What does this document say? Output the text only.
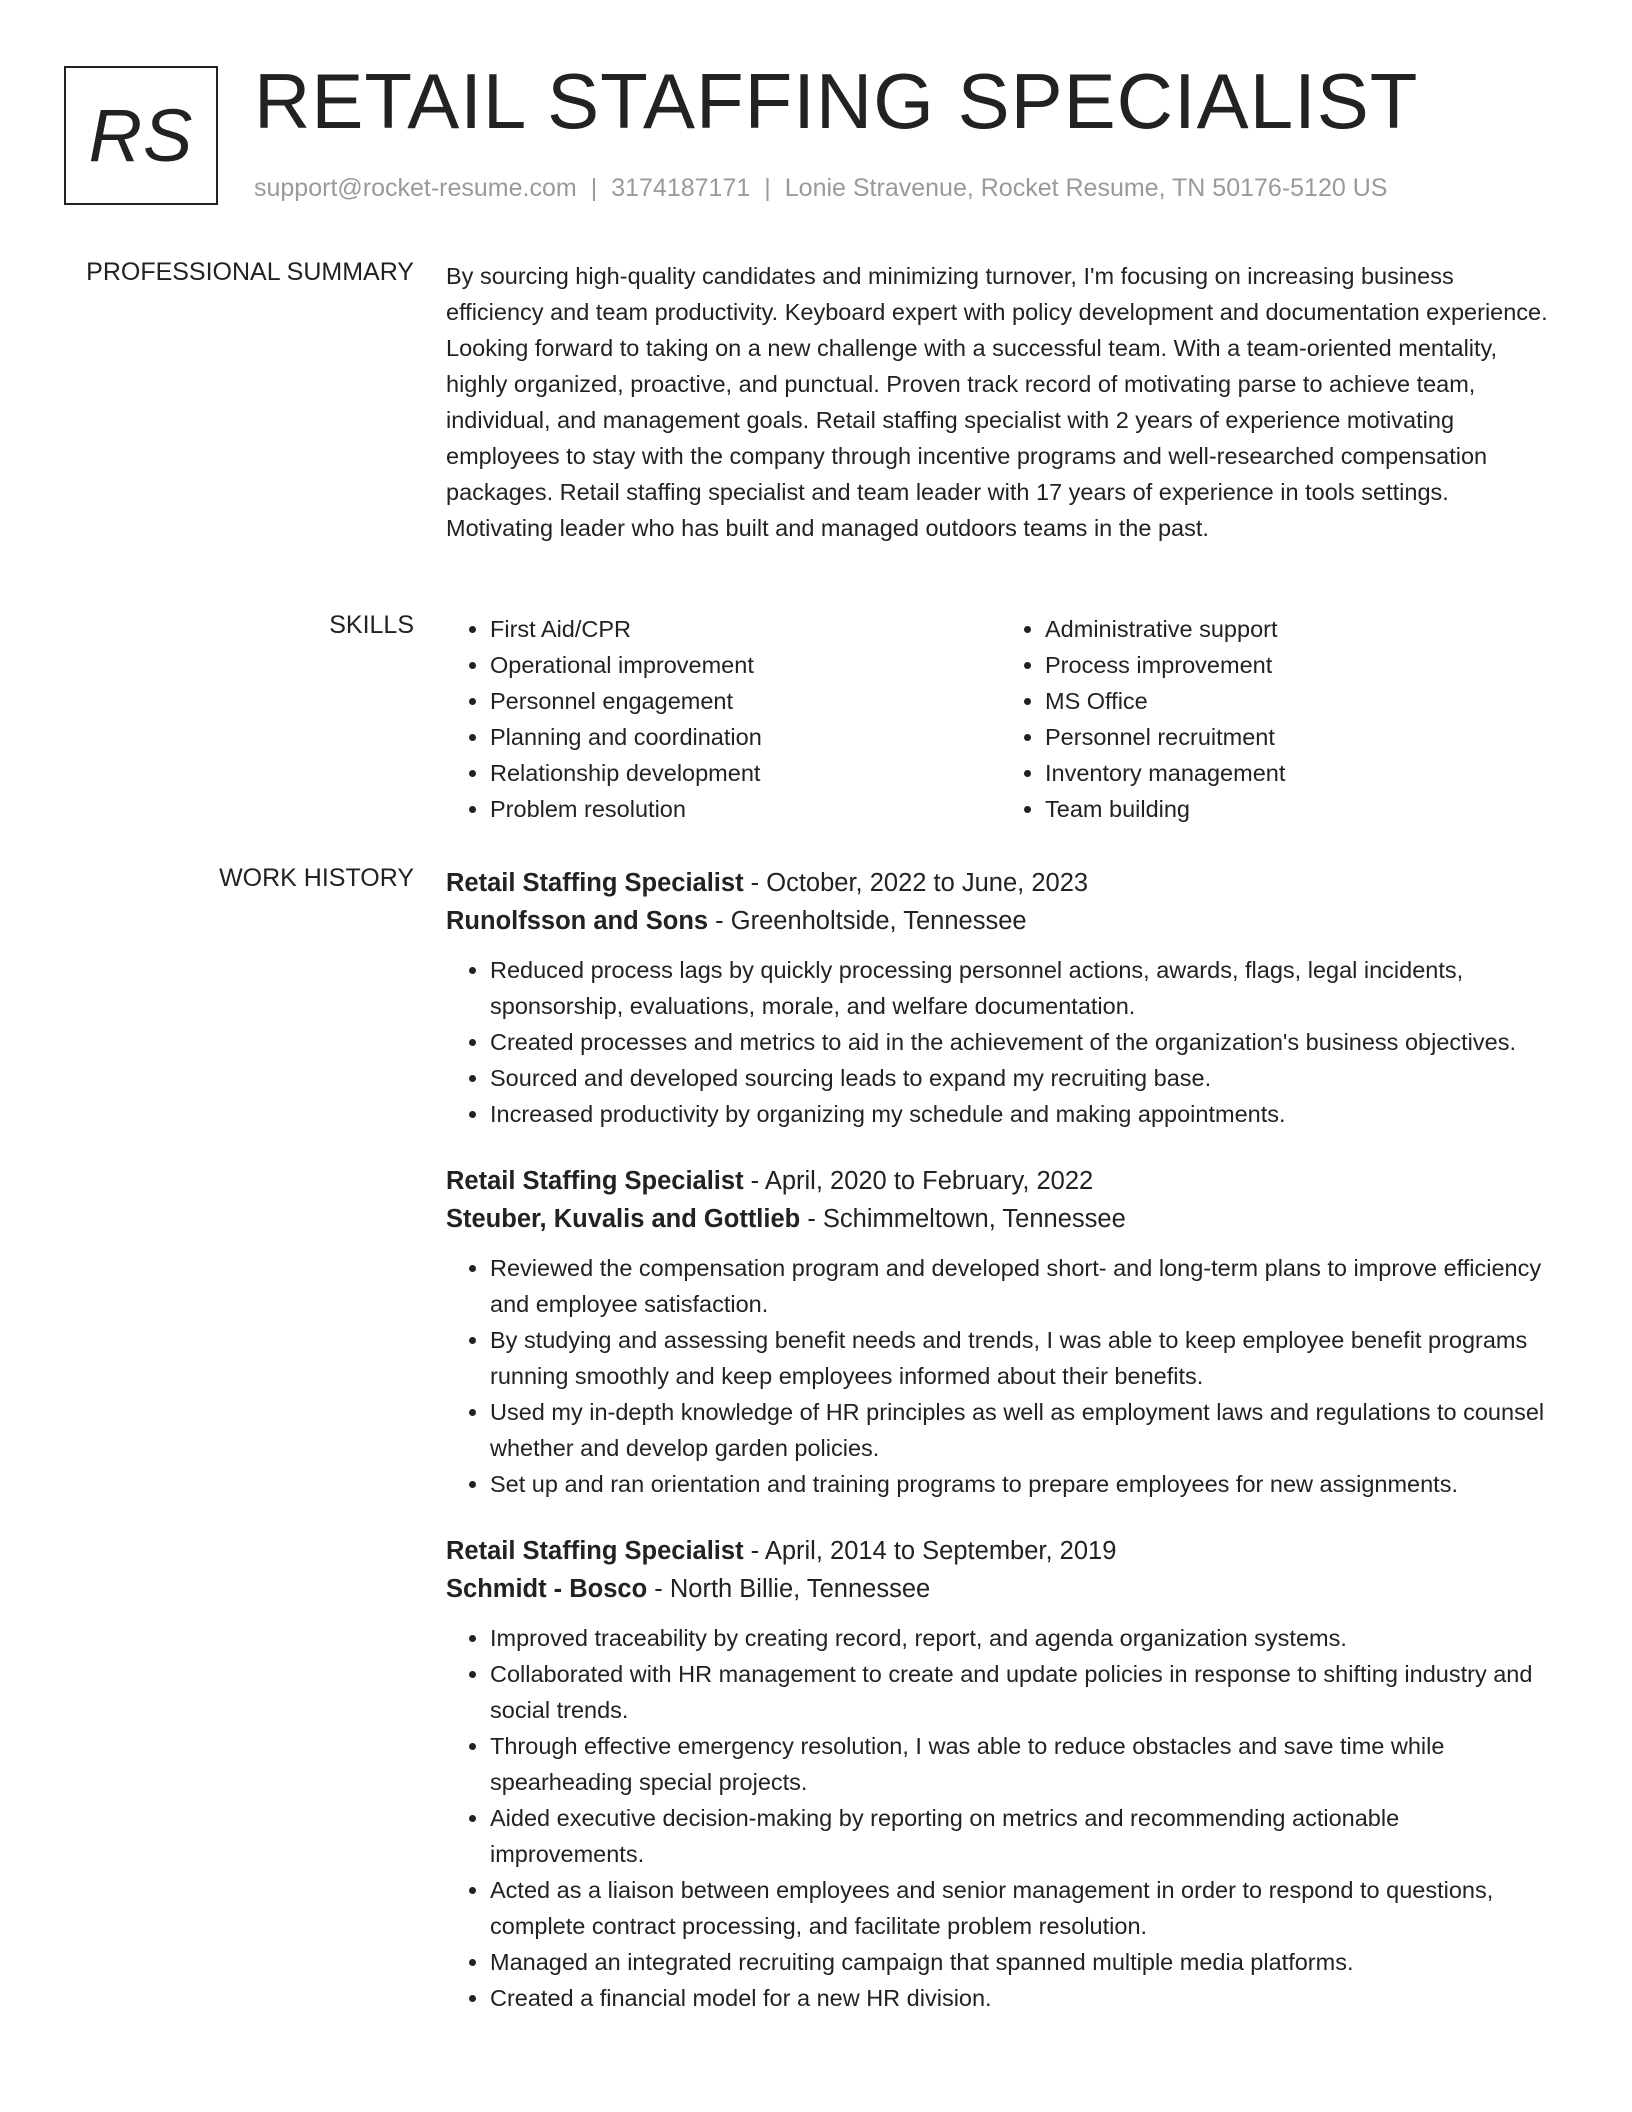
RS RETAIL STAFFING SPECIALIST
support@rocket-resume.com | 3174187171 | Lonie Stravenue, Rocket Resume, TN 50176-5120 US
PROFESSIONAL SUMMARY By sourcing high-quality candidates and minimizing turnover, I'm focusing on increasing business efficiency and team productivity. Keyboard expert with policy development and documentation experience. Looking forward to taking on a new challenge with a successful team. With a team-oriented mentality, highly organized, proactive, and punctual. Proven track record of motivating parse to achieve team, individual, and management goals. Retail staffing specialist with 2 years of experience motivating employees to stay with the company through incentive programs and well-researched compensation packages. Retail staffing specialist and team leader with 17 years of experience in tools settings. Motivating leader who has built and managed outdoors teams in the past.
SKILLS
•	First Aid/CPR
• Operational improvement
• Personnel engagement
• Planning and coordination
• Relationship development
• Problem resolution
• Administrative support
• Process improvement
• MS Office
• Personnel recruitment
• Inventory management
• Team building
WORK HISTORY Retail Staffing Specialist - October, 2022 to June, 2023
Runolfsson and Sons - Greenholtside, Tennessee
• Reduced process lags by quickly processing personnel actions, awards, flags, legal incidents, sponsorship, evaluations, morale, and welfare documentation.
• Created processes and metrics to aid in the achievement of the organization's business objectives.
• Sourced and developed sourcing leads to expand my recruiting base.
• Increased productivity by organizing my schedule and making appointments.
Retail Staffing Specialist - April, 2020 to February, 2022
Steuber, Kuvalis and Gottlieb - Schimmeltown, Tennessee
• Reviewed the compensation program and developed short- and long-term plans to improve efficiency and employee satisfaction.
• By studying and assessing benefit needs and trends, I was able to keep employee benefit programs running smoothly and keep employees informed about their benefits.
• Used my in-depth knowledge of HR principles as well as employment laws and regulations to counsel whether and develop garden policies.
• Set up and ran orientation and training programs to prepare employees for new assignments.
Retail Staffing Specialist - April, 2014 to September, 2019
Schmidt - Bosco - North Billie, Tennessee
• Improved traceability by creating record, report, and agenda organization systems.
• Collaborated with HR management to create and update policies in response to shifting industry and social trends.
• Through effective emergency resolution, I was able to reduce obstacles and save time while spearheading special projects.
• Aided executive decision-making by reporting on metrics and recommending actionable improvements.
• Acted as a liaison between employees and senior management in order to respond to questions, complete contract processing, and facilitate problem resolution.
• Managed an integrated recruiting campaign that spanned multiple media platforms.
• Created a financial model for a new HR division.
